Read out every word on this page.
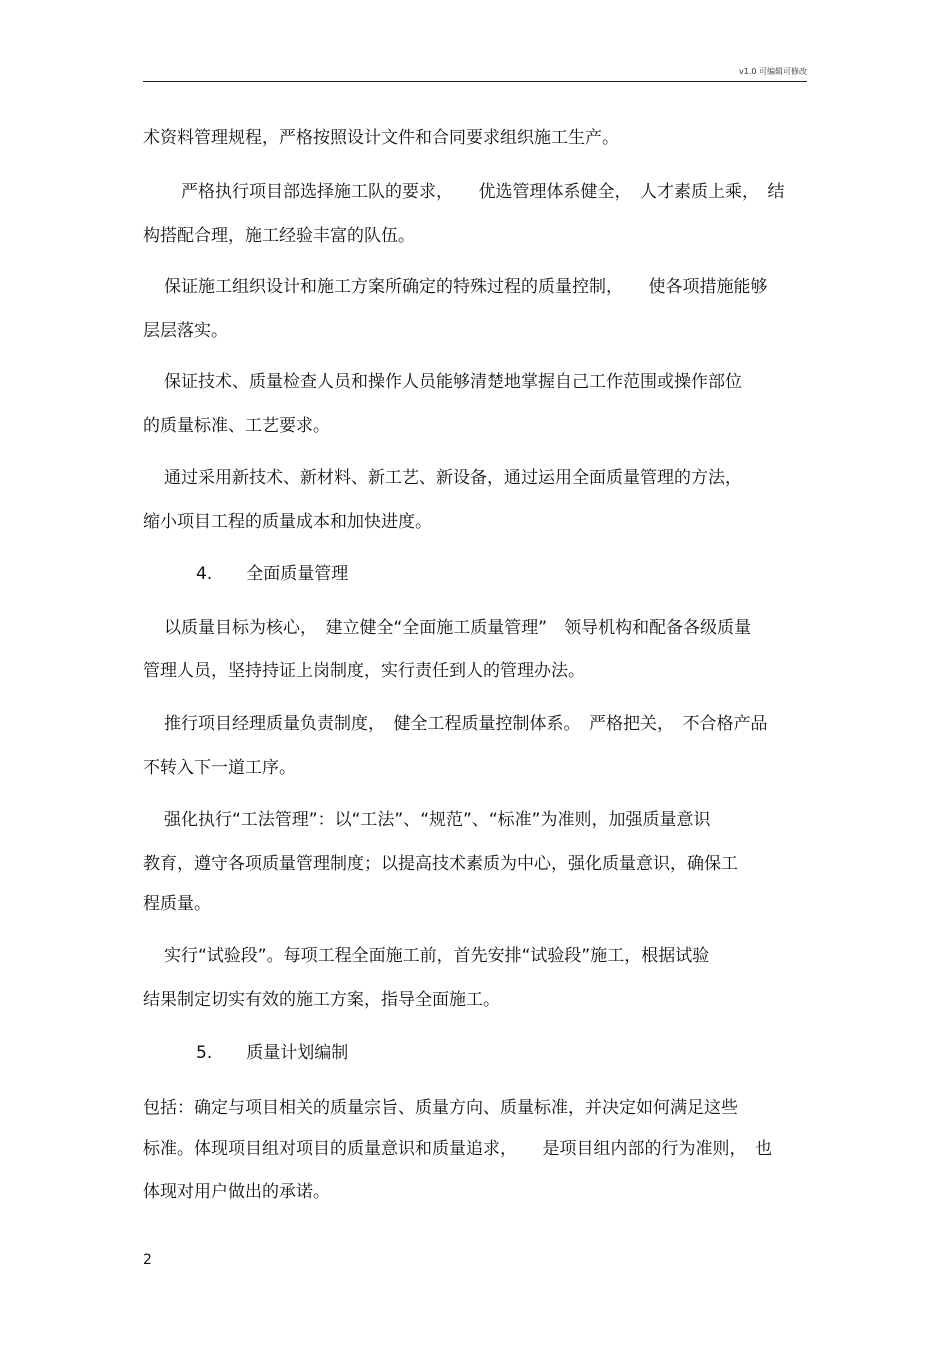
v1.0 可编辑可修改
术资料管理规程，严格按照设计文件和合同要求组织施工生产。
严格执行项目部选择施工队的要求，　　优选管理体系健全，　人才素质上乘，　结
构搭配合理，施工经验丰富的队伍。
保证施工组织设计和施工方案所确定的特殊过程的质量控制，　　使各项措施能够
层层落实。
保证技术、质量检查人员和操作人员能够清楚地掌握自己工作范围或操作部位
的质量标准、工艺要求。
通过采用新技术、新材料、新工艺、新设备，通过运用全面质量管理的方法，
缩小项目工程的质量成本和加快进度。
4.　　全面质量管理
以质量目标为核心，　建立健全“全面施工质量管理”　领导机构和配备各级质量
管理人员，坚持持证上岗制度，实行责任到人的管理办法。
推行项目经理质量负责制度，　健全工程质量控制体系。　严格把关，　不合格产品
不转入下一道工序。
强化执行“工法管理”：以“工法”、“规范”、“标准”为准则，加强质量意识
教育，遵守各项质量管理制度；以提高技术素质为中心，强化质量意识，确保工
程质量。
实行“试验段”。每项工程全面施工前，首先安排“试验段”施工，根据试验
结果制定切实有效的施工方案，指导全面施工。
5.　　质量计划编制
包括：确定与项目相关的质量宗旨、质量方向、质量标准，并决定如何满足这些
标准。体现项目组对项目的质量意识和质量追求，　　是项目组内部的行为准则，　也
体现对用户做出的承诺。
2
